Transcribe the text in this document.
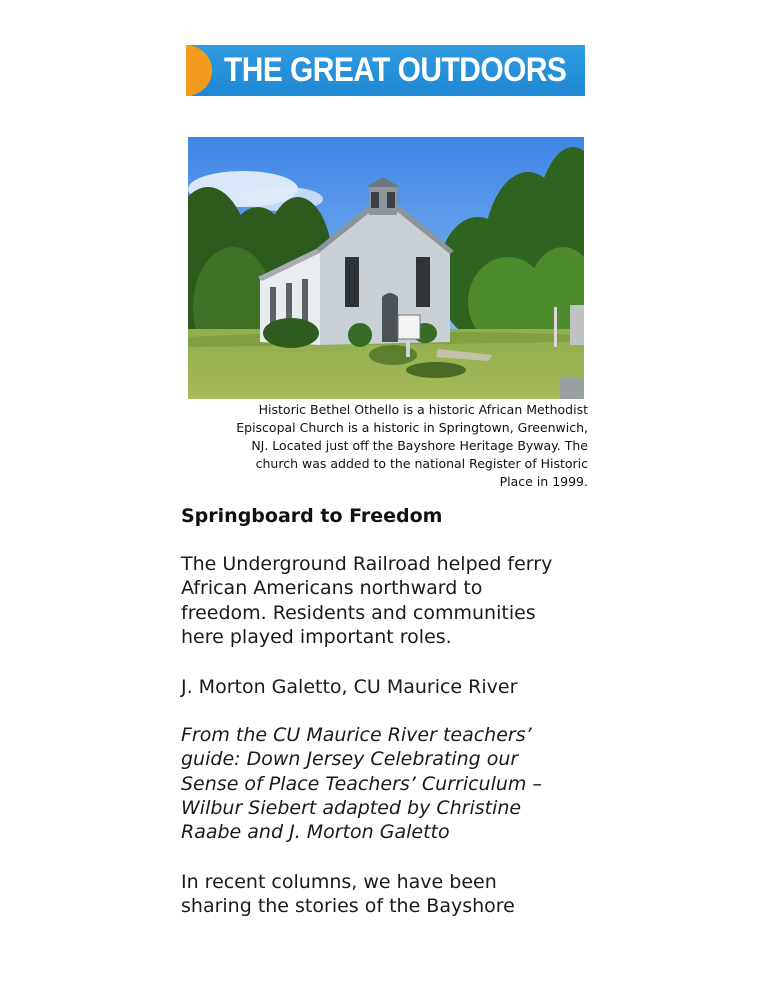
THE GREAT OUTDOORS
Historic Bethel Othello is a historic African Methodist
Episcopal Church is a historic in Springtown, Greenwich,
NJ. Located just off the Bayshore Heritage Byway. The
church was added to the national Register of Historic
Place in 1999.
Springboard to Freedom
The Underground Railroad helped ferry
African Americans northward to
freedom. Residents and communities
here played important roles.
J. Morton Galetto, CU Maurice River
From the CU Maurice River teachers’
guide: Down Jersey Celebrating our
Sense of Place Teachers’ Curriculum –
Wilbur Siebert adapted by Christine
Raabe and J. Morton Galetto
In recent columns, we have been
sharing the stories of the Bayshore
